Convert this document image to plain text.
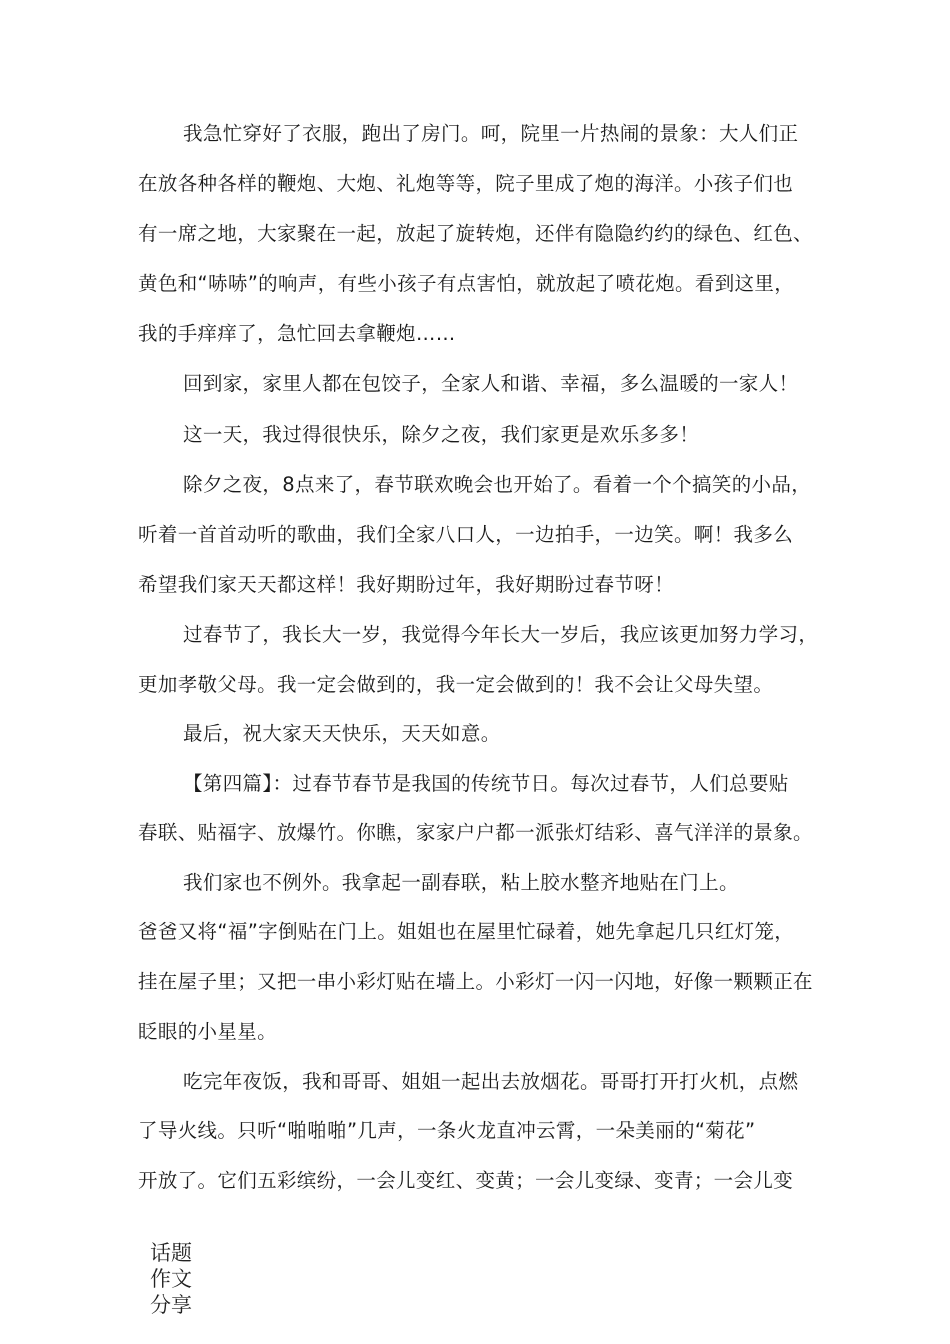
我急忙穿好了衣服，跑出了房门。呵，院里一片热闹的景象：大人们正
在放各种各样的鞭炮、大炮、礼炮等等，院子里成了炮的海洋。小孩子们也
有一席之地，大家聚在一起，放起了旋转炮，还伴有隐隐约约的绿色、红色、
黄色和“哧哧”的响声，有些小孩子有点害怕，就放起了喷花炮。看到这里，
我的手痒痒了，急忙回去拿鞭炮……
回到家，家里人都在包饺子，全家人和谐、幸福，多么温暖的一家人！
这一天，我过得很快乐，除夕之夜，我们家更是欢乐多多！
除夕之夜，8点来了，春节联欢晚会也开始了。看着一个个搞笑的小品，
听着一首首动听的歌曲，我们全家八口人，一边拍手，一边笑。啊！我多么
希望我们家天天都这样！我好期盼过年，我好期盼过春节呀！
过春节了，我长大一岁，我觉得今年长大一岁后，我应该更加努力学习，
更加孝敬父母。我一定会做到的，我一定会做到的！我不会让父母失望。
最后，祝大家天天快乐，天天如意。
【第四篇】：过春节春节是我国的传统节日。每次过春节，人们总要贴
春联、贴福字、放爆竹。你瞧，家家户户都一派张灯结彩、喜气洋洋的景象。
我们家也不例外。我拿起一副春联，粘上胶水整齐地贴在门上。
爸爸又将“福”字倒贴在门上。姐姐也在屋里忙碌着，她先拿起几只红灯笼，
挂在屋子里；又把一串小彩灯贴在墙上。小彩灯一闪一闪地，好像一颗颗正在
眨眼的小星星。
吃完年夜饭，我和哥哥、姐姐一起出去放烟花。哥哥打开打火机，点燃
了导火线。只听“啪啪啪”几声，一条火龙直冲云霄，一朵美丽的“菊花”
开放了。它们五彩缤纷，一会儿变红、变黄；一会儿变绿、变青；一会儿变
话题
作文
分享
